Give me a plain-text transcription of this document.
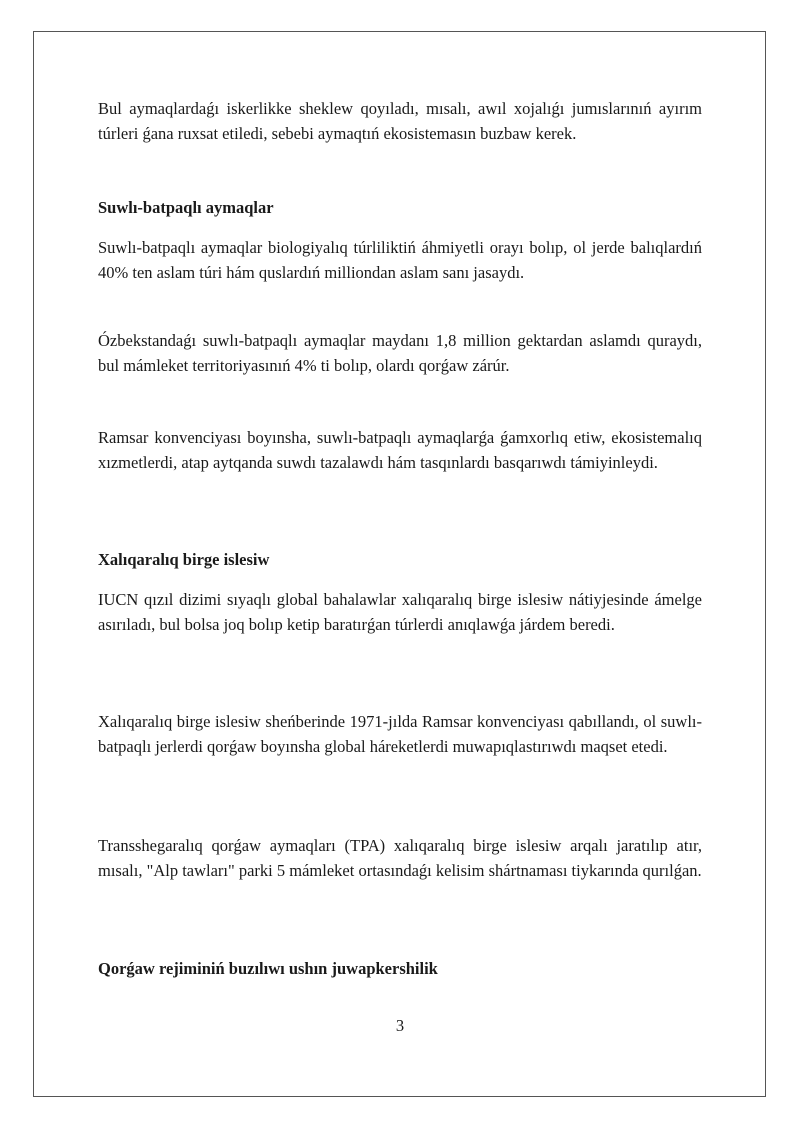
Bul aymaqlardaǵı iskerlikke sheklew qoyıladı, mısalı, awıl xojalıǵı jumıslarınıń ayırım túrleri ǵana ruxsat etiledi, sebebi aymaqtıń ekosistemasın buzbaw kerek.

Suwlı-batpaqlı aymaqlar

Suwlı-batpaqlı aymaqlar biologiyalıq túrliliktiń áhmiyetli orayı bolıp, ol jerde balıqlardıń 40% ten aslam túri hám quslardıń milliondan aslam sanı jasaydı.

Ózbekstandaǵı suwlı-batpaqlı aymaqlar maydanı 1,8 million gektardan aslamdı quraydı, bul mámleket territoriyasınıń 4% ti bolıp, olardı qorǵaw zárúr.

Ramsar konvenciyası boyınsha, suwlı-batpaqlı aymaqlarǵa ǵamxorlıq etiw, ekosistemalıq xızmetlerdi, atap aytqanda suwdı tazalawdı hám tasqınlardı basqarıwdı támiyinleydi.

Xalıqaralıq birge islesiw

IUCN qızıl dizimi sıyaqlı global bahalawlar xalıqaralıq birge islesiw nátiyjesinde ámelge asırıladı, bul bolsa joq bolıp ketip baratırǵan túrlerdi anıqlawǵa járdem beredi.

Xalıqaralıq birge islesiw sheńberinde 1971-jılda Ramsar konvenciyası qabıllandı, ol suwlı-batpaqlı jerlerdi qorǵaw boyınsha global háreketlerdi muwapıqlastırıwdı maqset etedi.

Transshegaralıq qorǵaw aymaqları (TPA) xalıqaralıq birge islesiw arqalı jaratılıp atır, mısalı, "Alp tawları" parki 5 mámleket ortasındaǵı kelisim shártnaması tiykarında qurılǵan.

Qorǵaw rejiminiń buzılıwı ushın juwapkershilik
3
